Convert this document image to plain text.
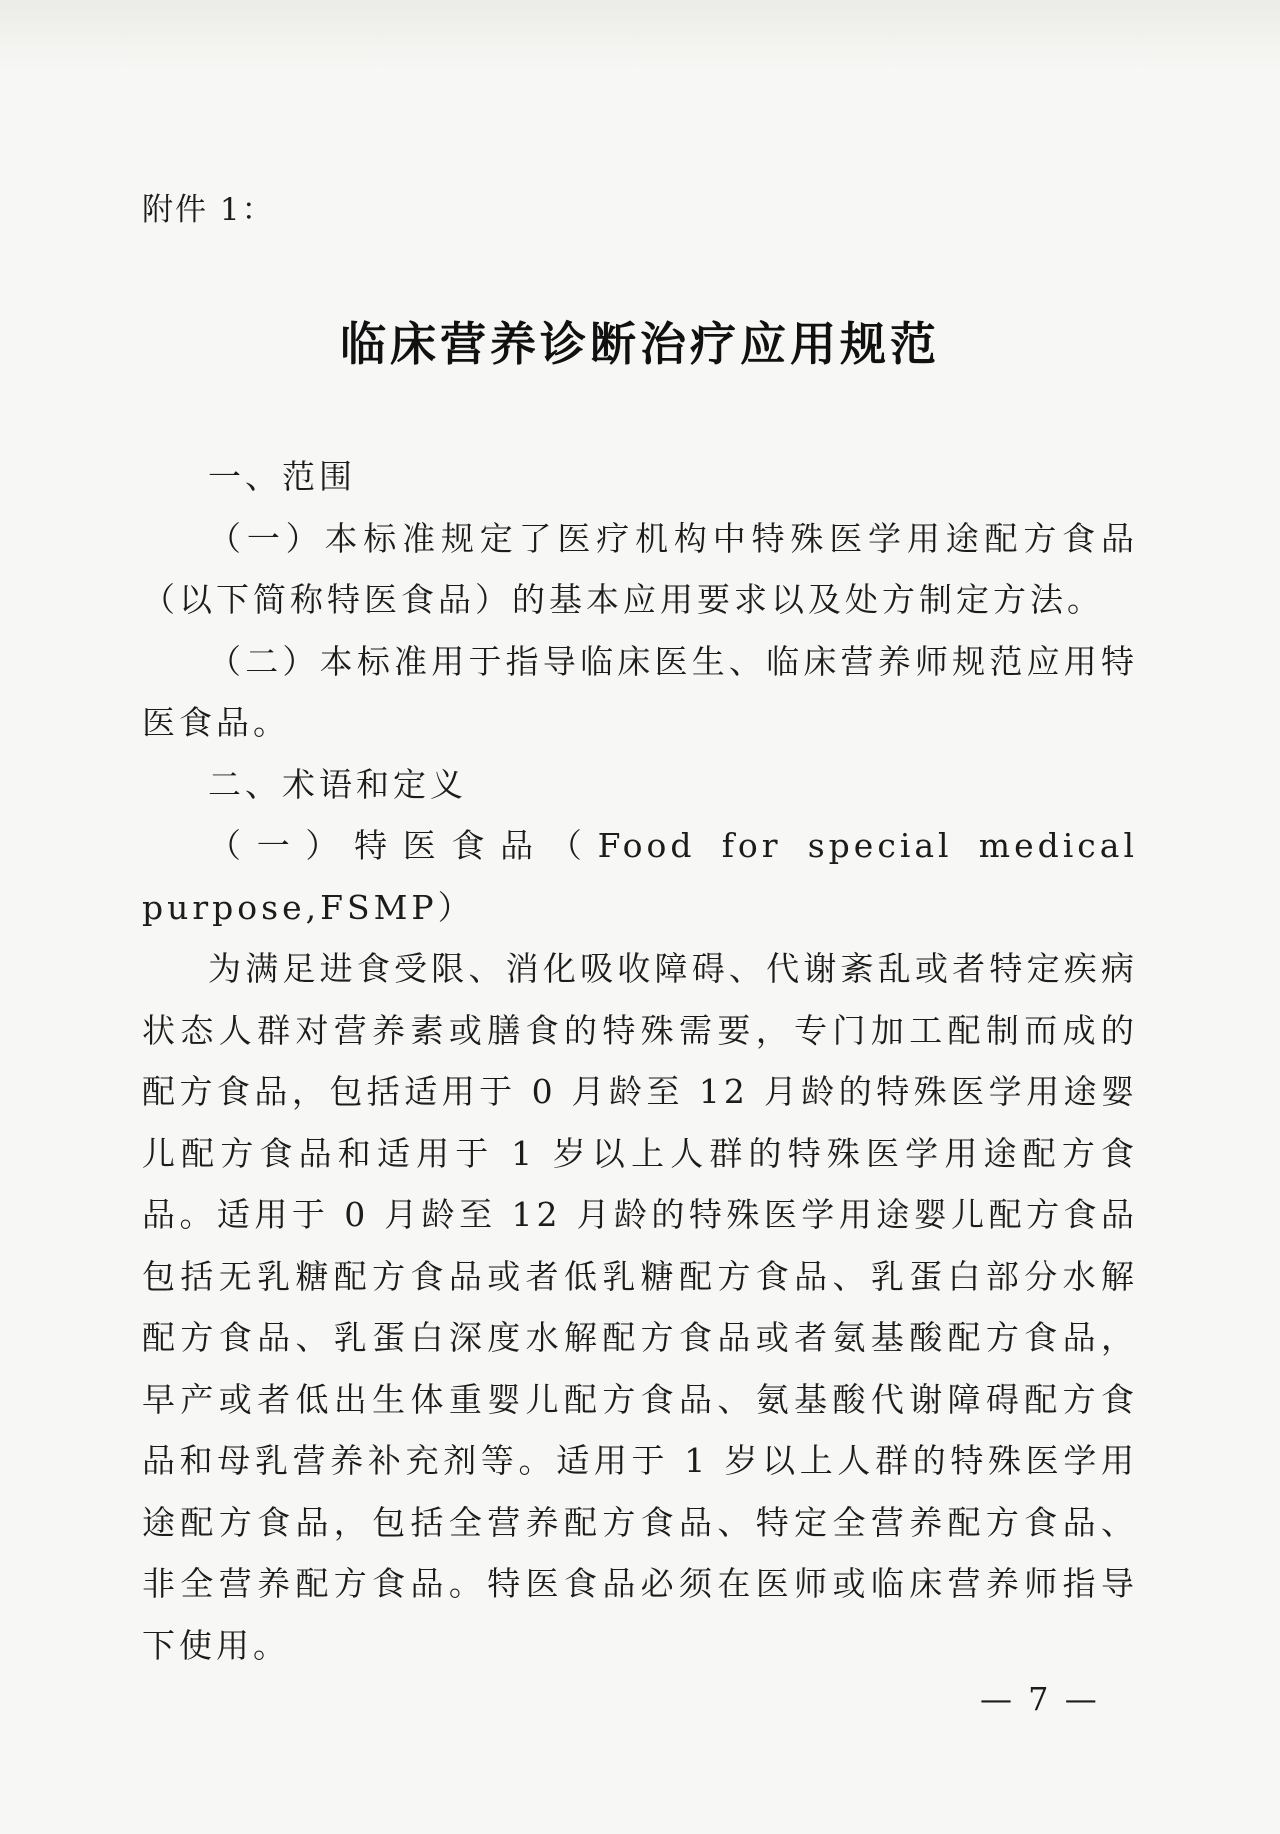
附件 1：

临床营养诊断治疗应用规范

一、范围

（一）本标准规定了医疗机构中特殊医学用途配方食品（以下简称特医食品）的基本应用要求以及处方制定方法。

（二）本标准用于指导临床医生、临床营养师规范应用特医食品。

二、术语和定义

（一）特医食品（Food for special medical purpose,FSMP）

为满足进食受限、消化吸收障碍、代谢紊乱或者特定疾病状态人群对营养素或膳食的特殊需要，专门加工配制而成的配方食品，包括适用于 0 月龄至 12 月龄的特殊医学用途婴儿配方食品和适用于 1 岁以上人群的特殊医学用途配方食品。适用于 0 月龄至 12 月龄的特殊医学用途婴儿配方食品包括无乳糖配方食品或者低乳糖配方食品、乳蛋白部分水解配方食品、乳蛋白深度水解配方食品或者氨基酸配方食品，早产或者低出生体重婴儿配方食品、氨基酸代谢障碍配方食品和母乳营养补充剂等。适用于 1 岁以上人群的特殊医学用途配方食品，包括全营养配方食品、特定全营养配方食品、非全营养配方食品。特医食品必须在医师或临床营养师指导下使用。

— 7 —
